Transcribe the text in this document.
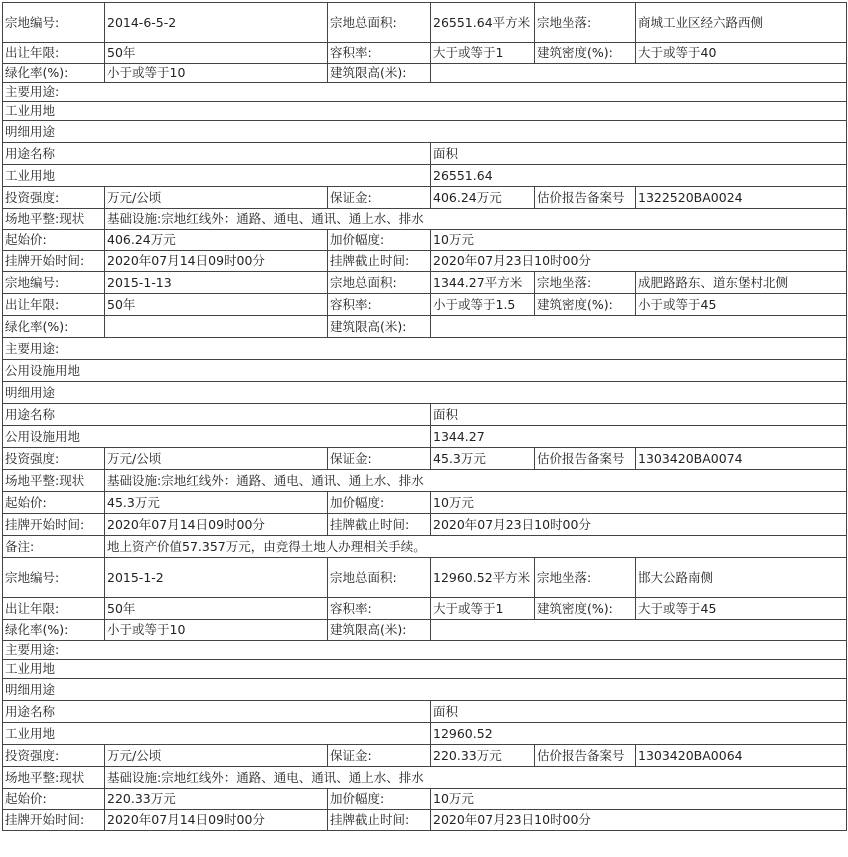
宗地编号:	2014-6-5-2	宗地总面积:	26551.64平方米	宗地坐落:	商城工业区经六路西侧
出让年限:	50年	容积率:	大于或等于1	建筑密度(%):	大于或等于40
绿化率(%):	小于或等于10	建筑限高(米):			
主要用途:					
工业用地					
明细用途					
用途名称			面积		
工业用地			26551.64		
投资强度:	万元/公顷	保证金:	406.24万元	估价报告备案号	1322520BA0024
场地平整:现状	基础设施:宗地红线外：通路、通电、通讯、通上水、排水				
起始价:	406.24万元	加价幅度:	10万元		
挂牌开始时间:	2020年07月14日09时00分	挂牌截止时间:	2020年07月23日10时00分		
宗地编号:	2015-1-13	宗地总面积:	1344.27平方米	宗地坐落:	成肥路路东、道东堡村北侧
出让年限:	50年	容积率:	小于或等于1.5	建筑密度(%):	小于或等于45
绿化率(%):		建筑限高(米):			
主要用途:					
公用设施用地					
明细用途					
用途名称			面积		
公用设施用地			1344.27		
投资强度:	万元/公顷	保证金:	45.3万元	估价报告备案号	1303420BA0074
场地平整:现状	基础设施:宗地红线外：通路、通电、通讯、通上水、排水				
起始价:	45.3万元	加价幅度:	10万元		
挂牌开始时间:	2020年07月14日09时00分	挂牌截止时间:	2020年07月23日10时00分		
备注:	地上资产价值57.357万元，由竞得土地人办理相关手续。				
宗地编号:	2015-1-2	宗地总面积:	12960.52平方米	宗地坐落:	邯大公路南侧
出让年限:	50年	容积率:	大于或等于1	建筑密度(%):	大于或等于45
绿化率(%):	小于或等于10	建筑限高(米):			
主要用途:					
工业用地					
明细用途					
用途名称			面积		
工业用地			12960.52		
投资强度:	万元/公顷	保证金:	220.33万元	估价报告备案号	1303420BA0064
场地平整:现状	基础设施:宗地红线外：通路、通电、通讯、通上水、排水				
起始价:	220.33万元	加价幅度:	10万元		
挂牌开始时间:	2020年07月14日09时00分	挂牌截止时间:	2020年07月23日10时00分		
